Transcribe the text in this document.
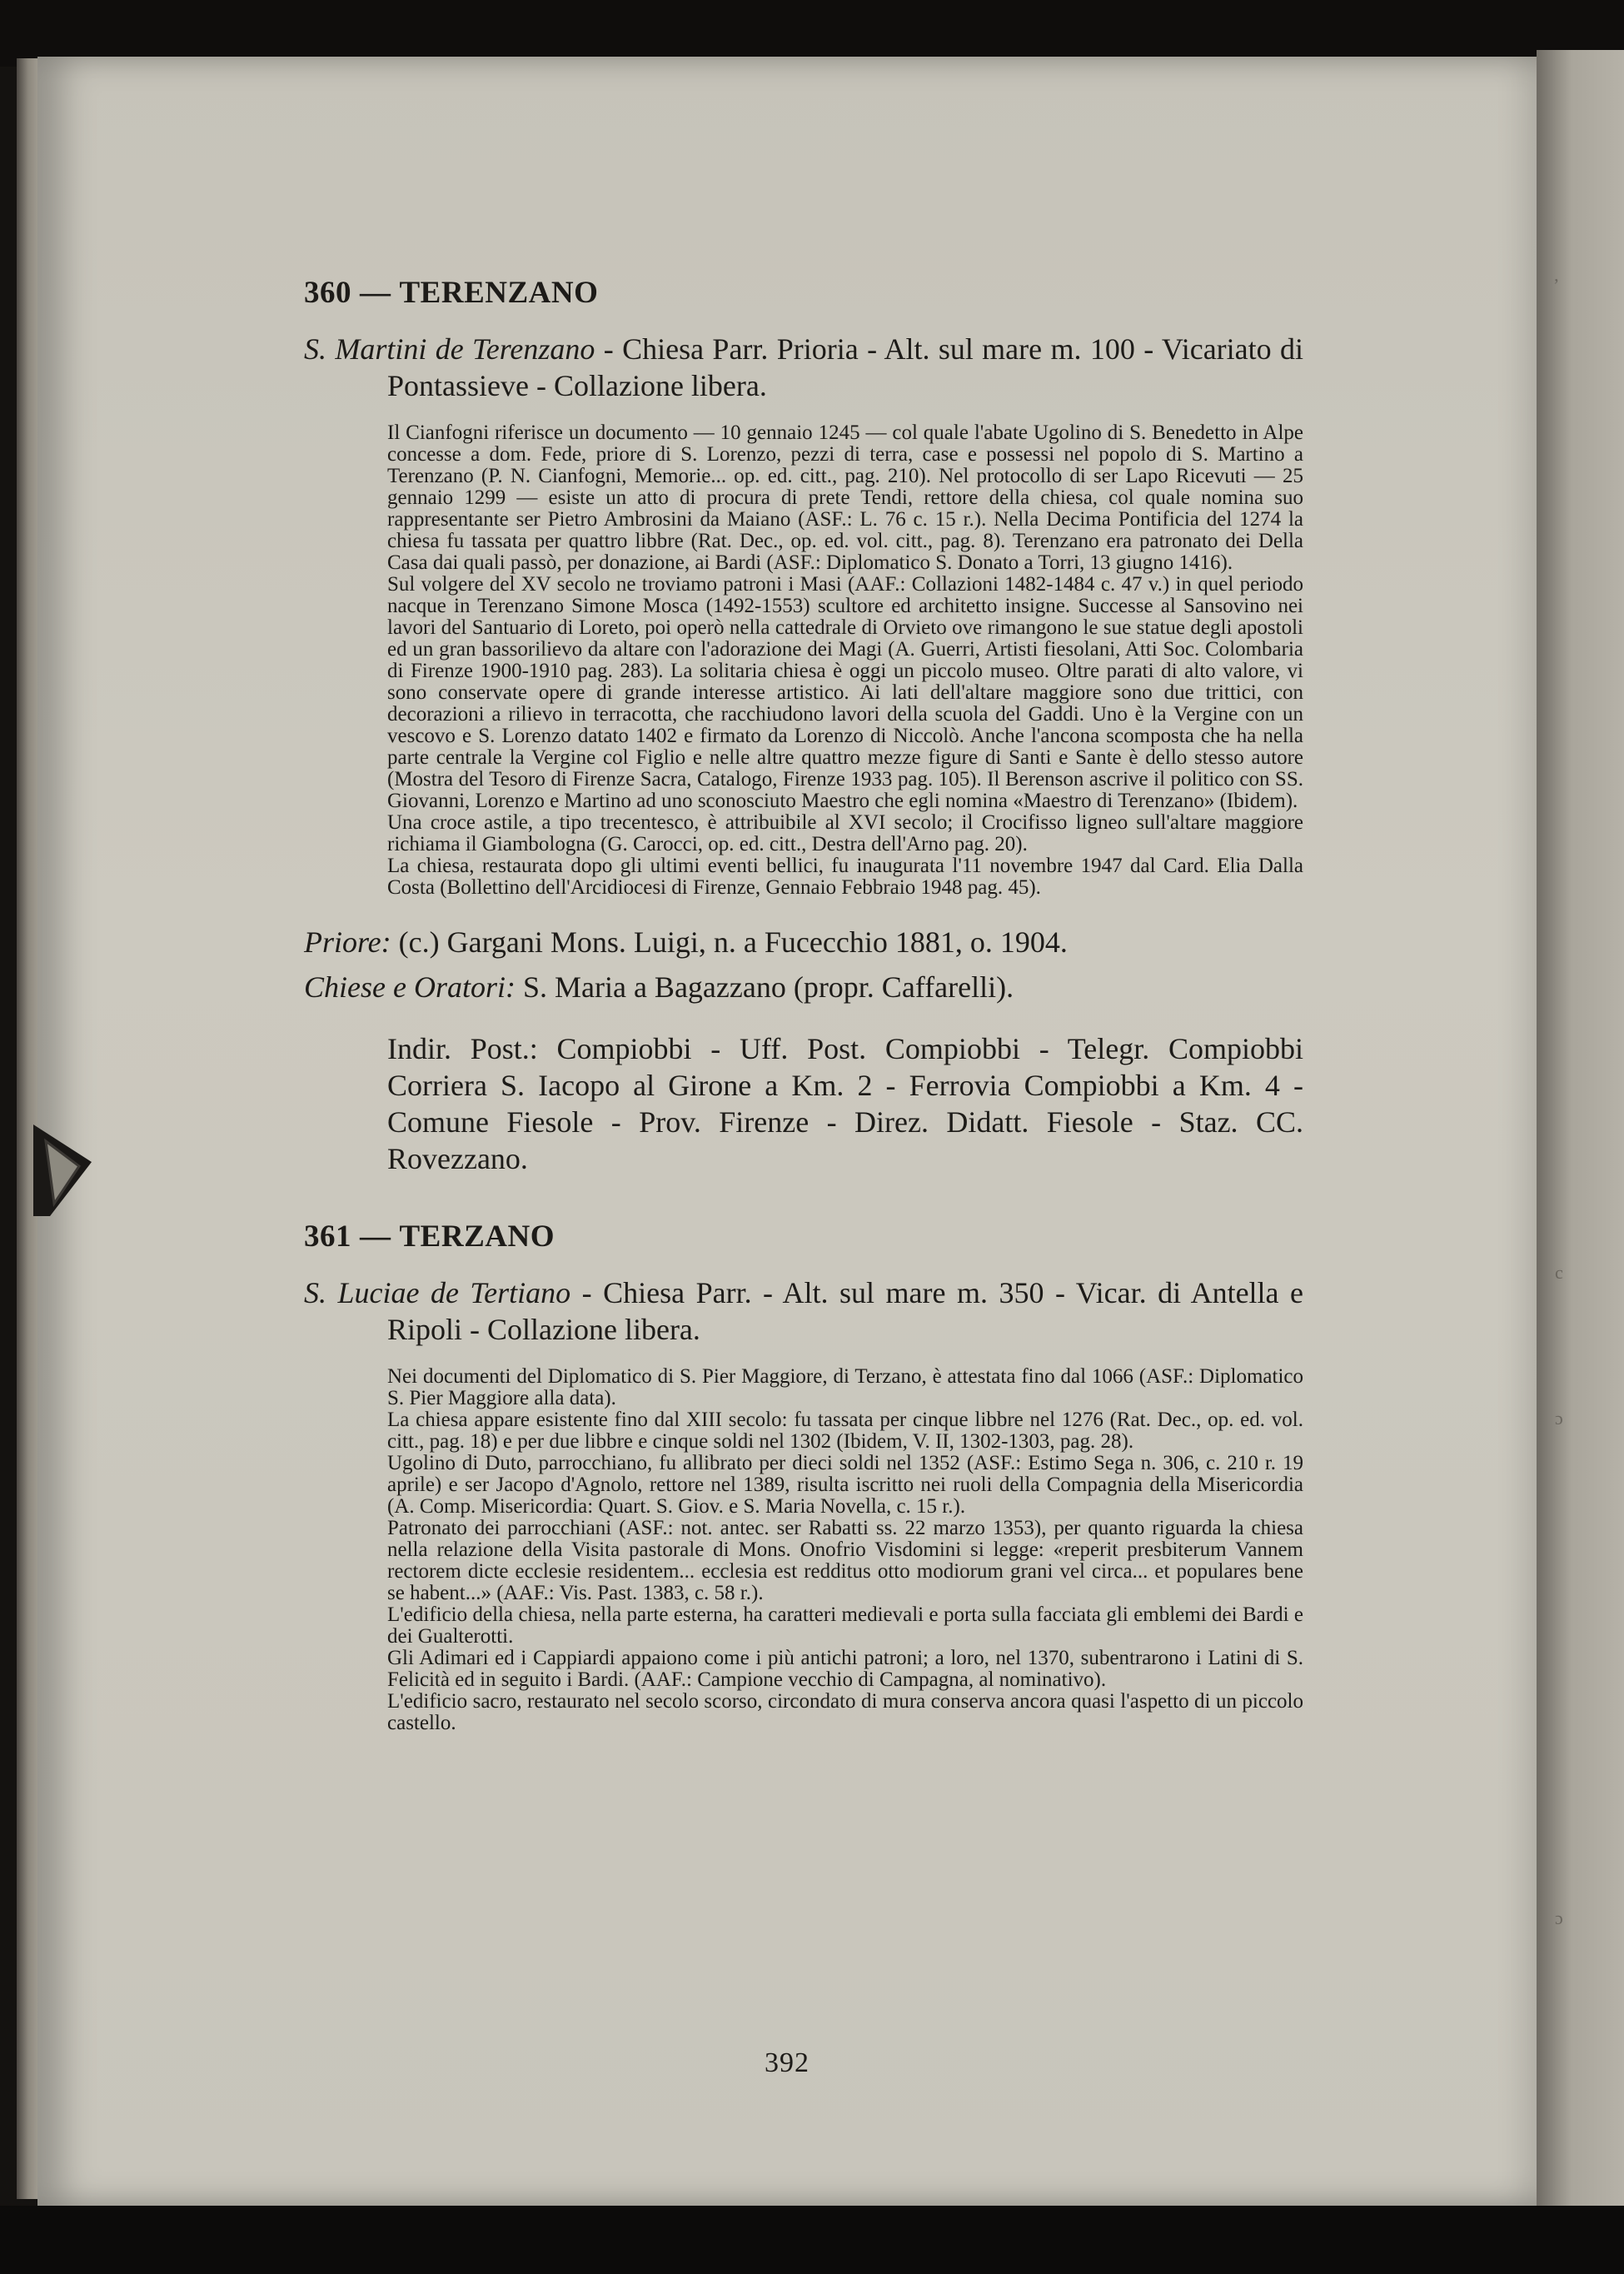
ʼ
c
ɔ
ɔ
360 — TERENZANO
S. Martini de Terenzano - Chiesa Parr. Prioria - Alt. sul mare m. 100 - Vicariato di Pontassieve - Collazione libera.

Il Cianfogni riferisce un documento — 10 gennaio 1245 — col quale l'abate Ugolino di S. Benedetto in Alpe concesse a dom. Fede, priore di S. Lorenzo, pezzi di terra, case e possessi nel popolo di S. Martino a Terenzano (P. N. Cianfogni, Memorie... op. ed. citt., pag. 210). Nel protocollo di ser Lapo Ricevuti — 25 gennaio 1299 — esiste un atto di procura di prete Tendi, rettore della chiesa, col quale nomina suo rappresentante ser Pietro Ambrosini da Maiano (ASF.: L. 76 c. 15 r.). Nella Decima Pontificia del 1274 la chiesa fu tassata per quattro libbre (Rat. Dec., op. ed. vol. citt., pag. 8). Terenzano era patronato dei Della Casa dai quali passò, per donazione, ai Bardi (ASF.: Diplomatico S. Donato a Torri, 13 giugno 1416).

Sul volgere del XV secolo ne troviamo patroni i Masi (AAF.: Collazioni 1482-1484 c. 47 v.) in quel periodo nacque in Terenzano Simone Mosca (1492-1553) scultore ed architetto insigne. Successe al Sansovino nei lavori del Santuario di Loreto, poi operò nella cattedrale di Orvieto ove rimangono le sue statue degli apostoli ed un gran bassorilievo da altare con l'adorazione dei Magi (A. Guerri, Artisti fiesolani, Atti Soc. Colombaria di Firenze 1900-1910 pag. 283). La solitaria chiesa è oggi un piccolo museo. Oltre parati di alto valore, vi sono conservate opere di grande interesse artistico. Ai lati dell'altare maggiore sono due trittici, con decorazioni a rilievo in terracotta, che racchiudono lavori della scuola del Gaddi. Uno è la Vergine con un vescovo e S. Lorenzo datato 1402 e firmato da Lorenzo di Niccolò. Anche l'ancona scomposta che ha nella parte centrale la Vergine col Figlio e nelle altre quattro mezze figure di Santi e Sante è dello stesso autore (Mostra del Tesoro di Firenze Sacra, Catalogo, Firenze 1933 pag. 105). Il Berenson ascrive il politico con SS. Giovanni, Lorenzo e Martino ad uno sconosciuto Maestro che egli nomina «Maestro di Terenzano» (Ibidem).

Una croce astile, a tipo trecentesco, è attribuibile al XVI secolo; il Crocifisso ligneo sull'altare maggiore richiama il Giambologna (G. Carocci, op. ed. citt., Destra dell'Arno pag. 20).

La chiesa, restaurata dopo gli ultimi eventi bellici, fu inaugurata l'11 novembre 1947 dal Card. Elia Dalla Costa (Bollettino dell'Arcidiocesi di Firenze, Gennaio Febbraio 1948 pag. 45).

Priore: (c.) Gargani Mons. Luigi, n. a Fucecchio 1881, o. 1904.
Chiese e Oratori: S. Maria a Bagazzano (propr. Caffarelli).
Indir. Post.: Compiobbi - Uff. Post. Compiobbi - Telegr. Compiobbi Corriera S. Iacopo al Girone a Km. 2 - Ferrovia Compiobbi a Km. 4 - Comune Fiesole - Prov. Firenze - Direz. Didatt. Fiesole - Staz. CC. Rovezzano.
361 — TERZANO
S. Luciae de Tertiano - Chiesa Parr. - Alt. sul mare m. 350 - Vicar. di Antella e Ripoli - Collazione libera.

Nei documenti del Diplomatico di S. Pier Maggiore, di Terzano, è attestata fino dal 1066 (ASF.: Diplomatico S. Pier Maggiore alla data).

La chiesa appare esistente fino dal XIII secolo: fu tassata per cinque libbre nel 1276 (Rat. Dec., op. ed. vol. citt., pag. 18) e per due libbre e cinque soldi nel 1302 (Ibidem, V. II, 1302-1303, pag. 28).

Ugolino di Duto, parrocchiano, fu allibrato per dieci soldi nel 1352 (ASF.: Estimo Sega n. 306, c. 210 r. 19 aprile) e ser Jacopo d'Agnolo, rettore nel 1389, risulta iscritto nei ruoli della Compagnia della Misericordia (A. Comp. Misericordia: Quart. S. Giov. e S. Maria Novella, c. 15 r.).

Patronato dei parrocchiani (ASF.: not. antec. ser Rabatti ss. 22 marzo 1353), per quanto riguarda la chiesa nella relazione della Visita pastorale di Mons. Onofrio Visdomini si legge: «reperit presbiterum Vannem rectorem dicte ecclesie residentem... ecclesia est redditus otto modiorum grani vel circa... et populares bene se habent...» (AAF.: Vis. Past. 1383, c. 58 r.).

L'edificio della chiesa, nella parte esterna, ha caratteri medievali e porta sulla facciata gli emblemi dei Bardi e dei Gualterotti.

Gli Adimari ed i Cappiardi appaiono come i più antichi patroni; a loro, nel 1370, subentrarono i Latini di S. Felicità ed in seguito i Bardi. (AAF.: Campione vecchio di Campagna, al nominativo).

L'edificio sacro, restaurato nel secolo scorso, circondato di mura conserva ancora quasi l'aspetto di un piccolo castello.

392
